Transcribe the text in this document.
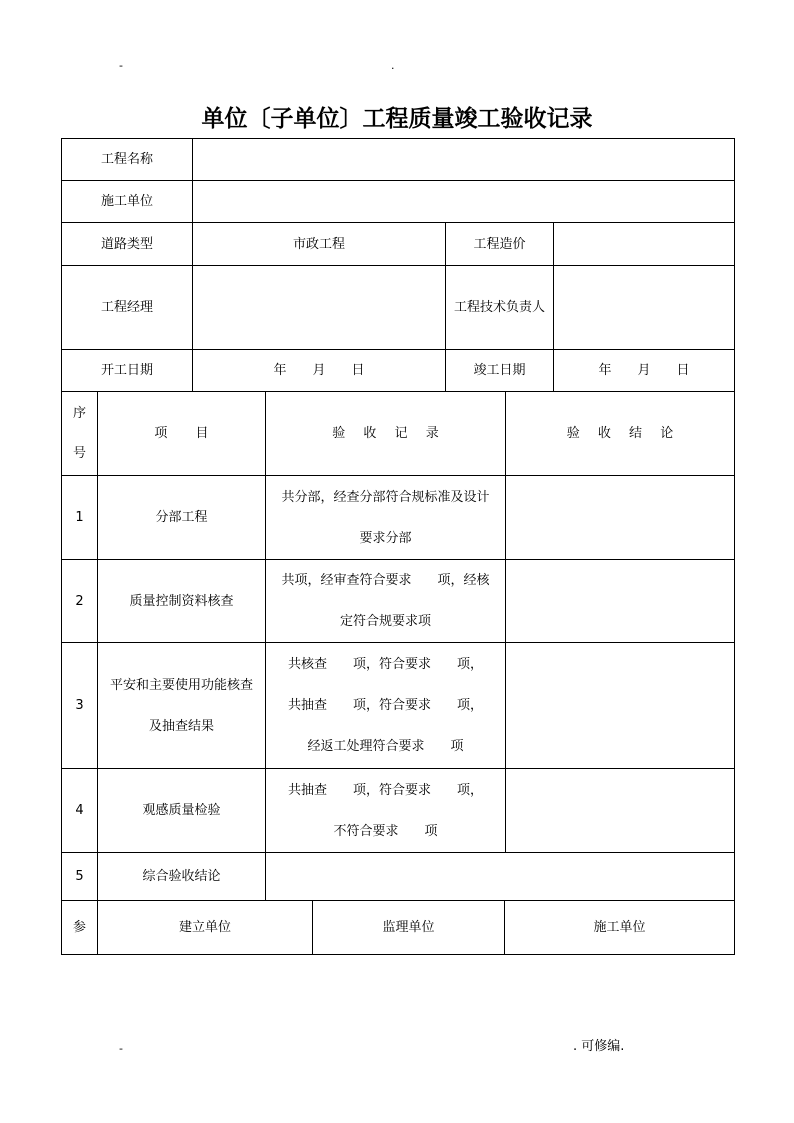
-	.
单位〔子单位〕工程质量竣工验收记录
工程名称			
施工单位			
道路类型	市政工程	工程造价	
工程经理		工程技术负责人	
开工日期	年 月 日	竣工日期	年 月 日
序号	项 目	验 收 记 录	验 收 结 论
1	分部工程	共分部，经查分部符合规标准及设计
要求分部	

2	质量控制资料核查	共项，经审查符合要求　　项，经核
定符合规要求项	

3	平安和主要使用功能核查及抽查结果	共核查　　项，符合要求　　项，
共抽查　　项，符合要求　　项，
经返工处理符合要求　　项	

4	观感质量检验	共抽查　　项，符合要求　　项，
不符合要求　　项	

5	综合验收结论		
参	建立单位	监理单位	施工单位
-	. 可修编.
